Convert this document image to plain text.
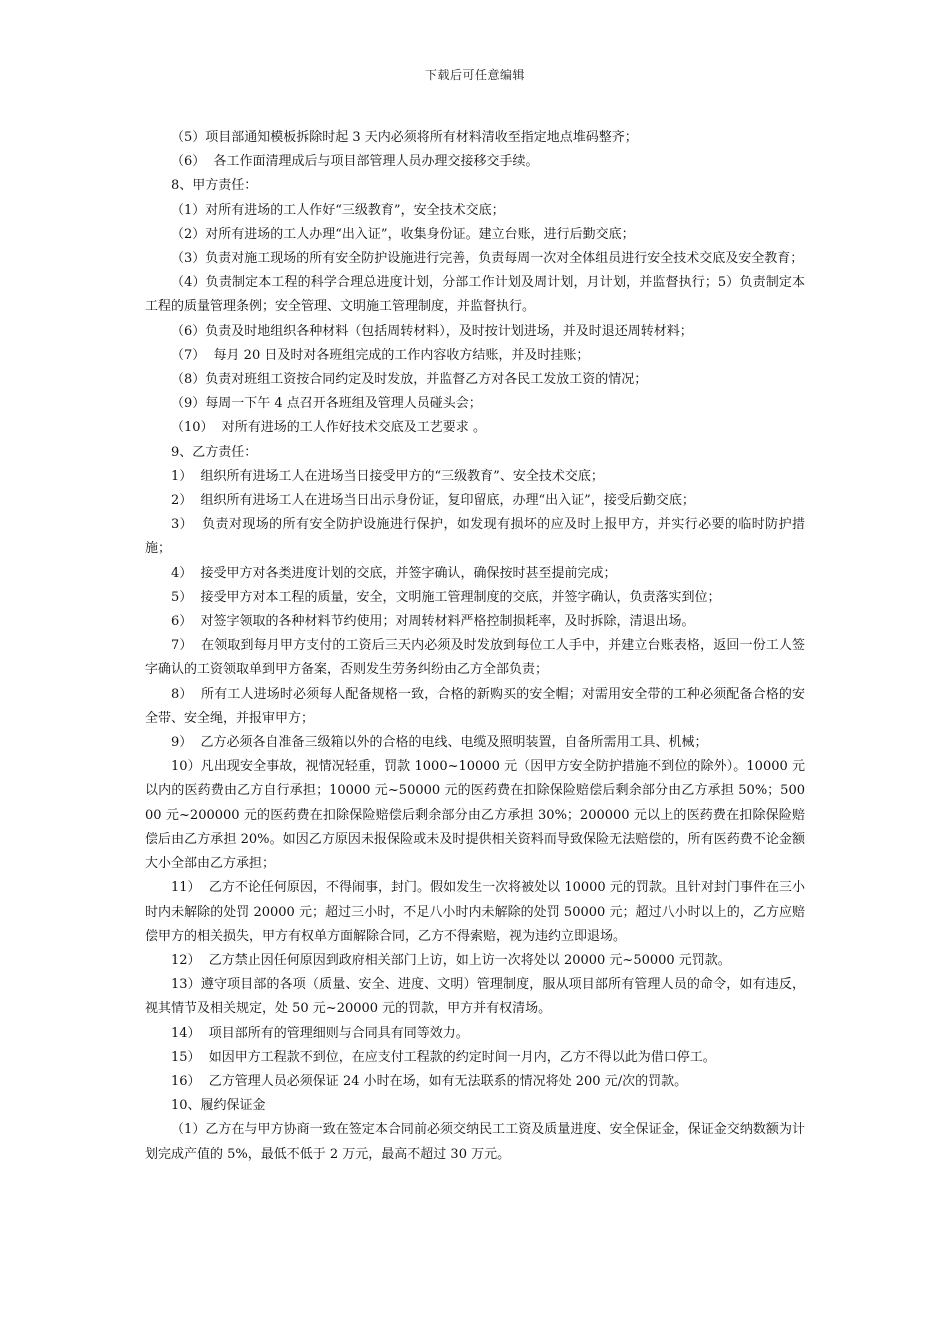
下载后可任意编辑

（5）项目部通知模板拆除时起 3 天内必须将所有材料清收至指定地点堆码整齐；

（6）  各工作面清理成后与项目部管理人员办理交接移交手续。

8、甲方责任：

（1）对所有进场的工人作好“三级教育”，安全技术交底；

（2）对所有进场的工人办理“出入证”，收集身份证。建立台账，进行后勤交底；

（3）负责对施工现场的所有安全防护设施进行完善，负责每周一次对全体组员进行安全技术交底及安全教育；

（4）负责制定本工程的科学合理总进度计划，分部工作计划及周计划，月计划，并监督执行；5）负责制定本工程的质量管理条例；安全管理、文明施工管理制度，并监督执行。

（6）负责及时地组织各种材料（包括周转材料），及时按计划进场，并及时退还周转材料；

（7）  每月 20 日及时对各班组完成的工作内容收方结账，并及时挂账；

（8）负责对班组工资按合同约定及时发放，并监督乙方对各民工发放工资的情况；

（9）每周一下午 4 点召开各班组及管理人员碰头会；

（10）  对所有进场的工人作好技术交底及工艺要求 。

9、乙方责任：

1）  组织所有进场工人在进场当日接受甲方的“三级教育”、安全技术交底；

2）  组织所有进场工人在进场当日出示身份证，复印留底，办理“出入证”，接受后勤交底；

3）  负责对现场的所有安全防护设施进行保护，如发现有损坏的应及时上报甲方，并实行必要的临时防护措施；

4）  接受甲方对各类进度计划的交底，并签字确认，确保按时甚至提前完成；

5）  接受甲方对本工程的质量，安全，文明施工管理制度的交底，并签字确认，负责落实到位；

6）  对签字领取的各种材料节约使用；对周转材料严格控制损耗率，及时拆除，清退出场。

7）  在领取到每月甲方支付的工资后三天内必须及时发放到每位工人手中，并建立台账表格，返回一份工人签字确认的工资领取单到甲方备案，否则发生劳务纠纷由乙方全部负责；

8）  所有工人进场时必须每人配备规格一致，合格的新购买的安全帽；对需用安全带的工种必须配备合格的安全带、安全绳，并报审甲方；

9）  乙方必须各自准备三级箱以外的合格的电线、电缆及照明装置，自备所需用工具、机械；

10）凡出现安全事故，视情况轻重，罚款 1000~10000 元（因甲方安全防护措施不到位的除外）。10000 元以内的医药费由乙方自行承担；10000 元~50000 元的医药费在扣除保险赔偿后剩余部分由乙方承担 50%；50000 元~200000 元的医药费在扣除保险赔偿后剩余部分由乙方承担 30%；200000 元以上的医药费在扣除保险赔偿后由乙方承担 20%。如因乙方原因未报保险或未及时提供相关资料而导致保险无法赔偿的，所有医药费不论金额大小全部由乙方承担；

11）  乙方不论任何原因，不得闹事，封门。假如发生一次将被处以 10000 元的罚款。且针对封门事件在三小时内未解除的处罚 20000 元；超过三小时，不足八小时内未解除的处罚 50000 元；超过八小时以上的，乙方应赔偿甲方的相关损失，甲方有权单方面解除合同，乙方不得索赔，视为违约立即退场。

12）  乙方禁止因任何原因到政府相关部门上访，如上访一次将处以 20000 元~50000 元罚款。

13）遵守项目部的各项（质量、安全、进度、文明）管理制度，服从项目部所有管理人员的命令，如有违反，视其情节及相关规定，处 50 元~20000 元的罚款，甲方并有权清场。

14）  项目部所有的管理细则与合同具有同等效力。

15）  如因甲方工程款不到位，在应支付工程款的约定时间一月内，乙方不得以此为借口停工。

16）  乙方管理人员必须保证 24 小时在场，如有无法联系的情况将处 200 元/次的罚款。

10、履约保证金

（1）乙方在与甲方协商一致在签定本合同前必须交纳民工工资及质量进度、安全保证金，保证金交纳数额为计划完成产值的 5%，最低不低于 2 万元，最高不超过 30 万元。
